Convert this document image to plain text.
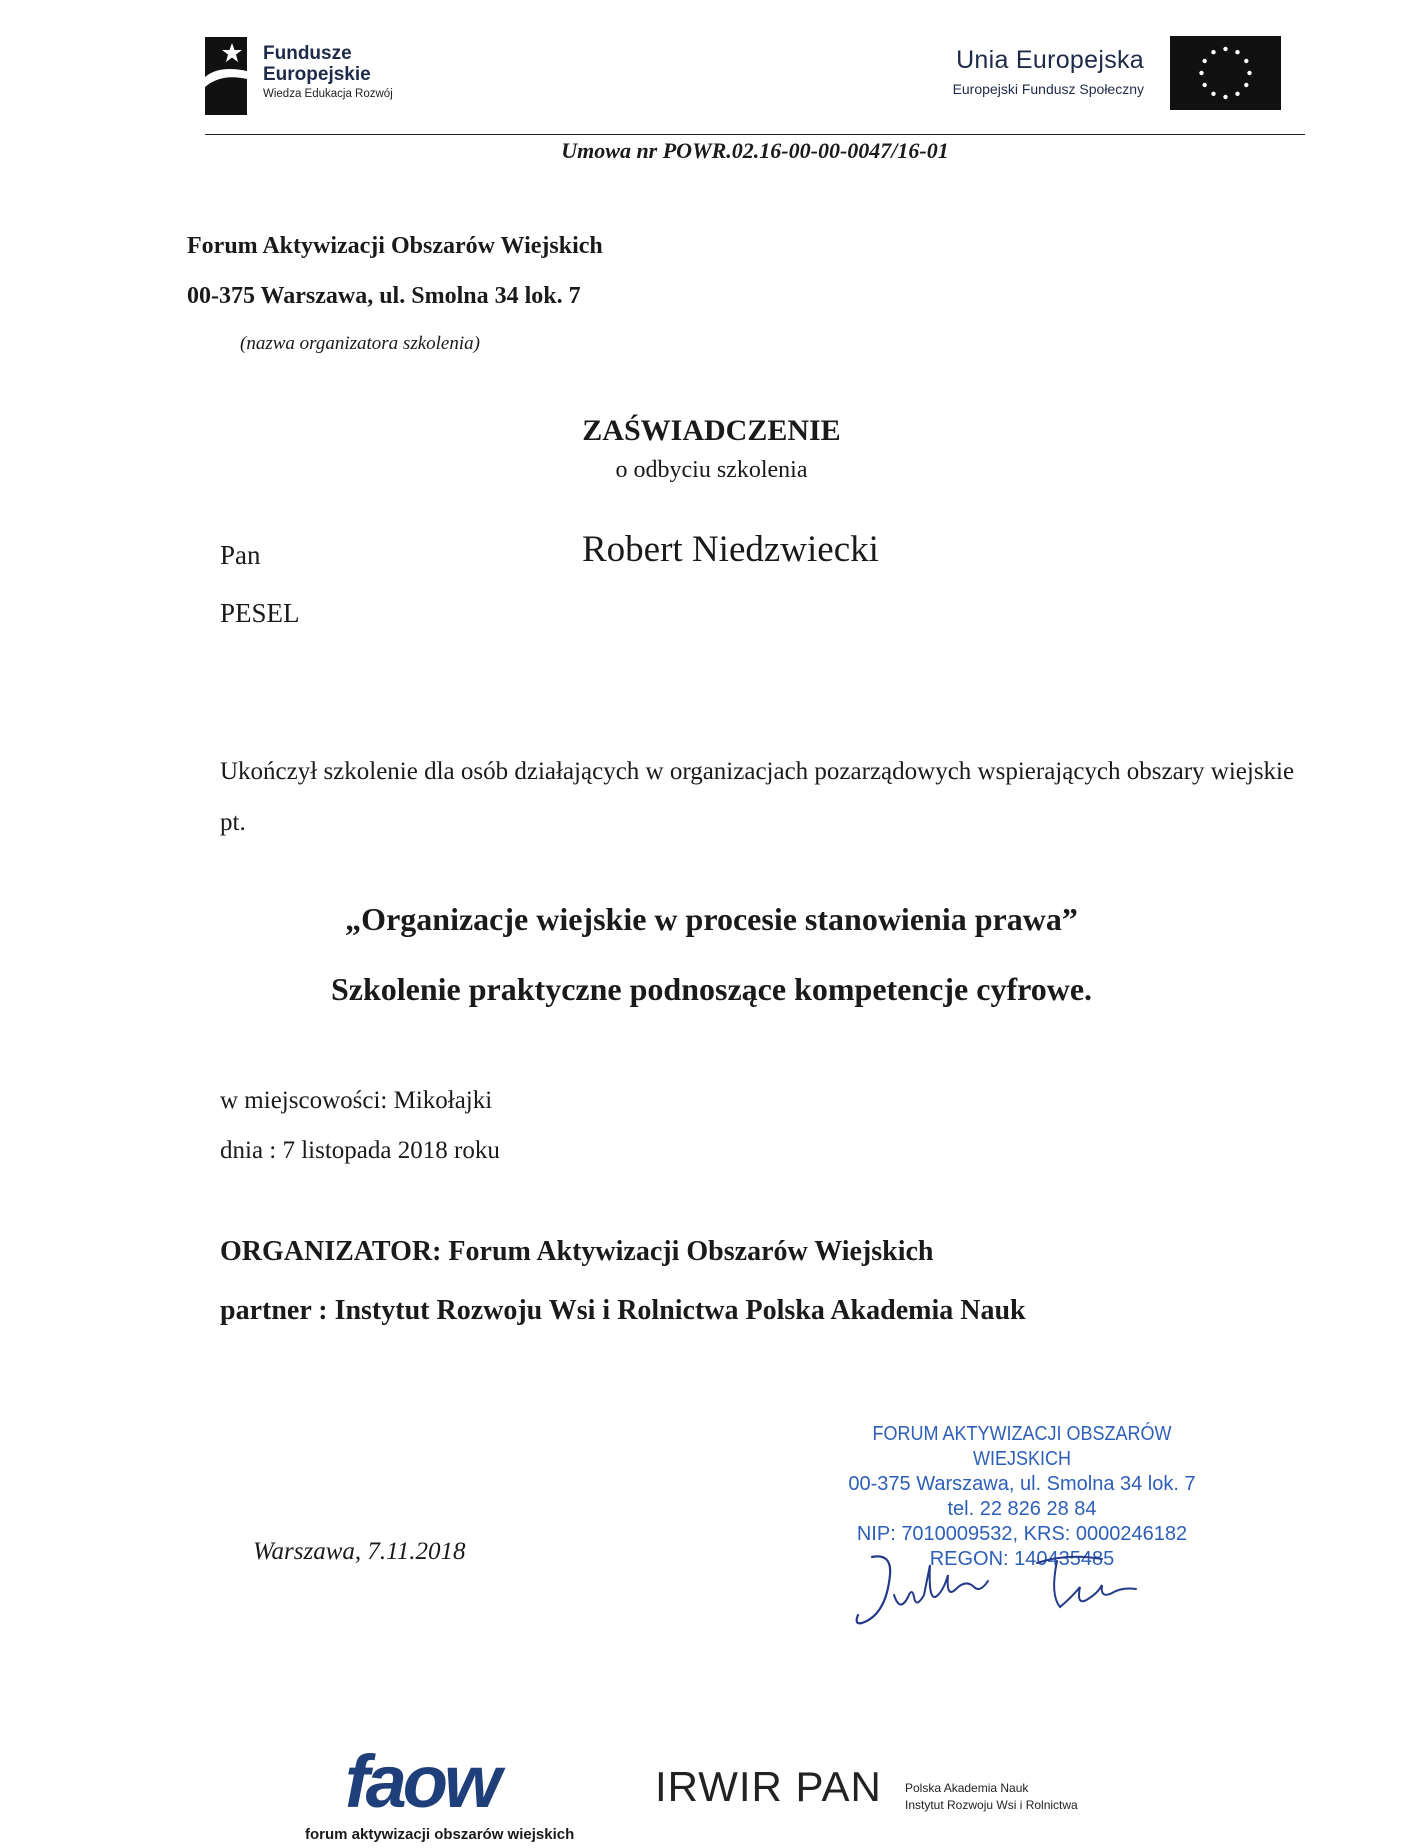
Fundusze
Europejskie
Wiedza Edukacja Rozwój
Unia Europejska
Europejski Fundusz Społeczny
Umowa nr POWR.02.16-00-00-0047/16-01
Forum Aktywizacji Obszarów Wiejskich
00-375 Warszawa, ul. Smolna 34 lok. 7
(nazwa organizatora szkolenia)
ZAŚWIADCZENIE
o odbyciu szkolenia
Pan	Robert Niedzwiecki
PESEL
Ukończył szkolenie dla osób działających w organizacjach pozarządowych wspierających obszary wiejskie pt.
„Organizacje wiejskie w procesie stanowienia prawa”
Szkolenie praktyczne podnoszące kompetencje cyfrowe.
w miejscowości: Mikołajki
dnia : 7 listopada 2018 roku
ORGANIZATOR: Forum Aktywizacji Obszarów Wiejskich
partner : Instytut Rozwoju Wsi i Rolnictwa Polska Akademia Nauk
FORUM AKTYWIZACJI OBSZARÓW WIEJSKICH
00-375 Warszawa, ul. Smolna 34 lok. 7
tel. 22 826 28 84
NIP: 7010009532, KRS: 0000246182
REGON: 140435485
Warszawa, 7.11.2018
faow
forum aktywizacji obszarów wiejskich
IRWIR PAN Polska Akademia Nauk
Instytut Rozwoju Wsi i Rolnictwa
